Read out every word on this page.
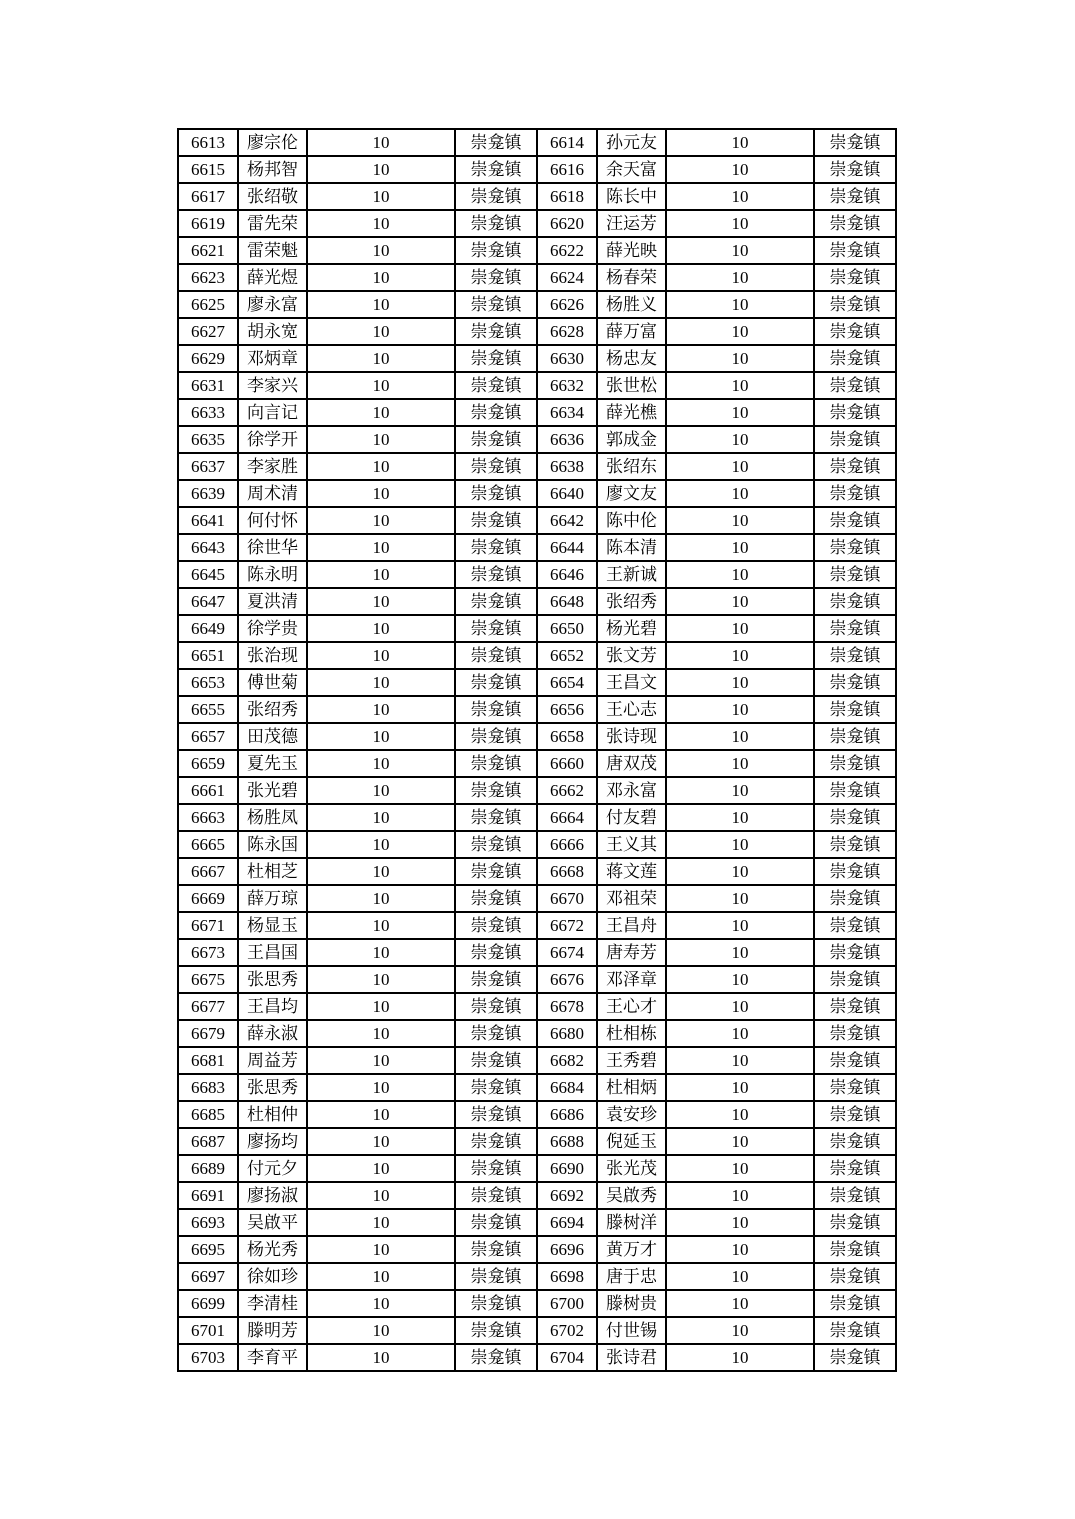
6613	廖宗伦	10	崇龛镇	6614	孙元友	10	崇龛镇
6615	杨邦智	10	崇龛镇	6616	余天富	10	崇龛镇
6617	张绍敬	10	崇龛镇	6618	陈长中	10	崇龛镇
6619	雷先荣	10	崇龛镇	6620	汪运芳	10	崇龛镇
6621	雷荣魁	10	崇龛镇	6622	薛光映	10	崇龛镇
6623	薛光煜	10	崇龛镇	6624	杨春荣	10	崇龛镇
6625	廖永富	10	崇龛镇	6626	杨胜义	10	崇龛镇
6627	胡永宽	10	崇龛镇	6628	薛万富	10	崇龛镇
6629	邓炳章	10	崇龛镇	6630	杨忠友	10	崇龛镇
6631	李家兴	10	崇龛镇	6632	张世松	10	崇龛镇
6633	向言记	10	崇龛镇	6634	薛光樵	10	崇龛镇
6635	徐学开	10	崇龛镇	6636	郭成金	10	崇龛镇
6637	李家胜	10	崇龛镇	6638	张绍东	10	崇龛镇
6639	周术清	10	崇龛镇	6640	廖文友	10	崇龛镇
6641	何付怀	10	崇龛镇	6642	陈中伦	10	崇龛镇
6643	徐世华	10	崇龛镇	6644	陈本清	10	崇龛镇
6645	陈永明	10	崇龛镇	6646	王新诚	10	崇龛镇
6647	夏洪清	10	崇龛镇	6648	张绍秀	10	崇龛镇
6649	徐学贵	10	崇龛镇	6650	杨光碧	10	崇龛镇
6651	张治现	10	崇龛镇	6652	张文芳	10	崇龛镇
6653	傅世菊	10	崇龛镇	6654	王昌文	10	崇龛镇
6655	张绍秀	10	崇龛镇	6656	王心志	10	崇龛镇
6657	田茂德	10	崇龛镇	6658	张诗现	10	崇龛镇
6659	夏先玉	10	崇龛镇	6660	唐双茂	10	崇龛镇
6661	张光碧	10	崇龛镇	6662	邓永富	10	崇龛镇
6663	杨胜凤	10	崇龛镇	6664	付友碧	10	崇龛镇
6665	陈永国	10	崇龛镇	6666	王义其	10	崇龛镇
6667	杜相芝	10	崇龛镇	6668	蒋文莲	10	崇龛镇
6669	薛万琼	10	崇龛镇	6670	邓祖荣	10	崇龛镇
6671	杨显玉	10	崇龛镇	6672	王昌舟	10	崇龛镇
6673	王昌国	10	崇龛镇	6674	唐寿芳	10	崇龛镇
6675	张思秀	10	崇龛镇	6676	邓泽章	10	崇龛镇
6677	王昌均	10	崇龛镇	6678	王心才	10	崇龛镇
6679	薛永淑	10	崇龛镇	6680	杜相栋	10	崇龛镇
6681	周益芳	10	崇龛镇	6682	王秀碧	10	崇龛镇
6683	张思秀	10	崇龛镇	6684	杜相炳	10	崇龛镇
6685	杜相仲	10	崇龛镇	6686	袁安珍	10	崇龛镇
6687	廖扬均	10	崇龛镇	6688	倪延玉	10	崇龛镇
6689	付元夕	10	崇龛镇	6690	张光茂	10	崇龛镇
6691	廖扬淑	10	崇龛镇	6692	吴啟秀	10	崇龛镇
6693	吴啟平	10	崇龛镇	6694	滕树洋	10	崇龛镇
6695	杨光秀	10	崇龛镇	6696	黄万才	10	崇龛镇
6697	徐如珍	10	崇龛镇	6698	唐于忠	10	崇龛镇
6699	李清桂	10	崇龛镇	6700	滕树贵	10	崇龛镇
6701	滕明芳	10	崇龛镇	6702	付世锡	10	崇龛镇
6703	李育平	10	崇龛镇	6704	张诗君	10	崇龛镇
